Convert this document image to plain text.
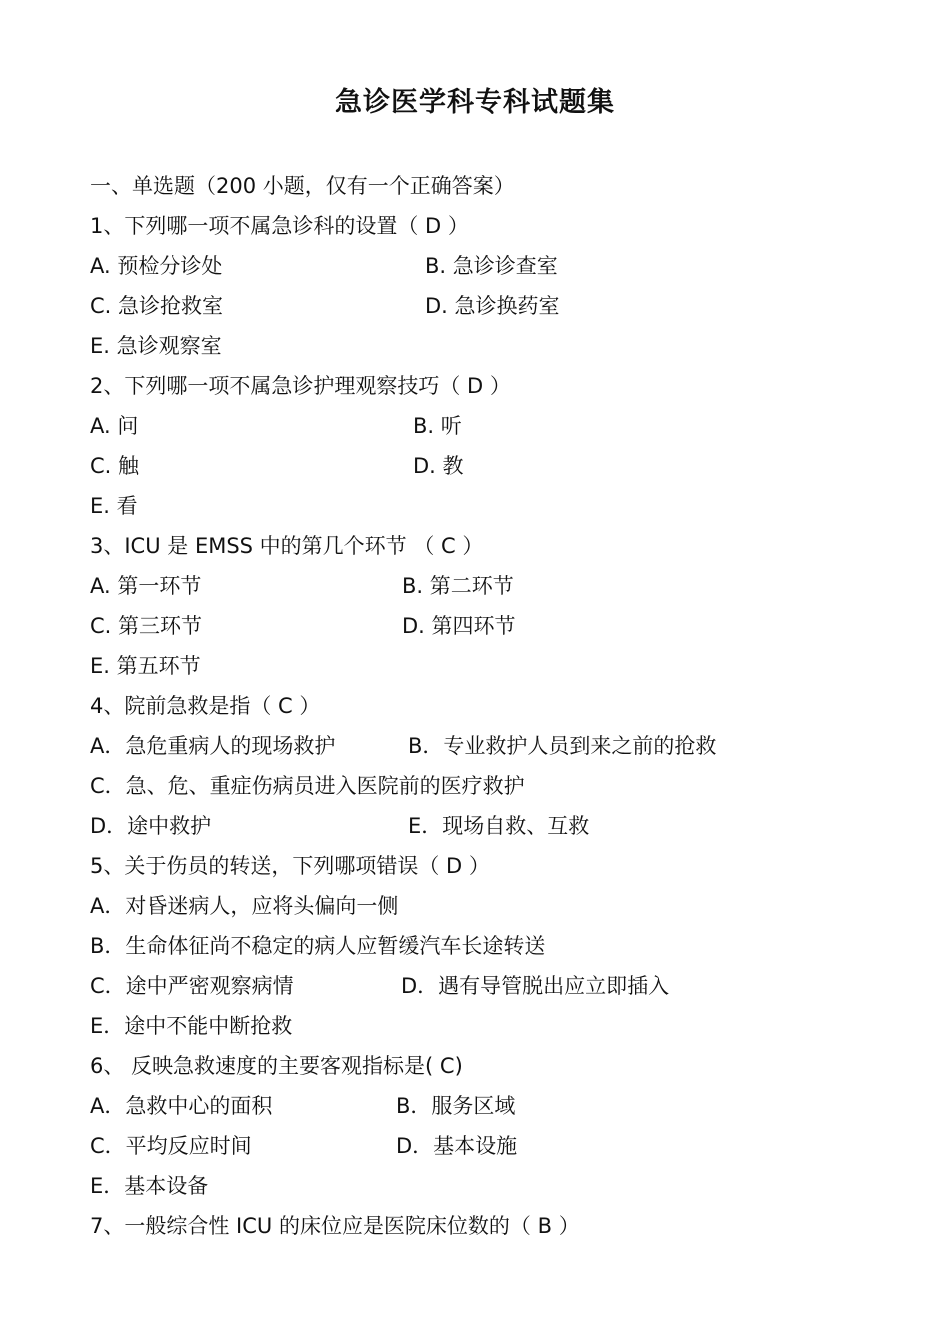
急诊医学科专科试题集
一、单选题（200 小题，仅有一个正确答案）
1、下列哪一项不属急诊科的设置（ D ）
A. 预检分诊处	B. 急诊诊查室
C. 急诊抢救室	D. 急诊换药室
E. 急诊观察室
2、下列哪一项不属急诊护理观察技巧（ D ）
A. 问	B. 听
C. 触	D. 教
E. 看
3、ICU 是 EMSS 中的第几个环节 （ C ）
A. 第一环节	B. 第二环节
C. 第三环节	D. 第四环节
E. 第五环节
4、院前急救是指（ C ）
A．急危重病人的现场救护	B．专业救护人员到来之前的抢救
C．急、危、重症伤病员进入医院前的医疗救护
D．途中救护	E．现场自救、互救
5、关于伤员的转送，下列哪项错误（ D ）
A．对昏迷病人，应将头偏向一侧
B．生命体征尚不稳定的病人应暂缓汽车长途转送
C．途中严密观察病情	D．遇有导管脱出应立即插入
E．途中不能中断抢救
6、 反映急救速度的主要客观指标是( C)
A．急救中心的面积	B．服务区域
C．平均反应时间	D．基本设施
E．基本设备
7、一般综合性 ICU 的床位应是医院床位数的（ B ）
